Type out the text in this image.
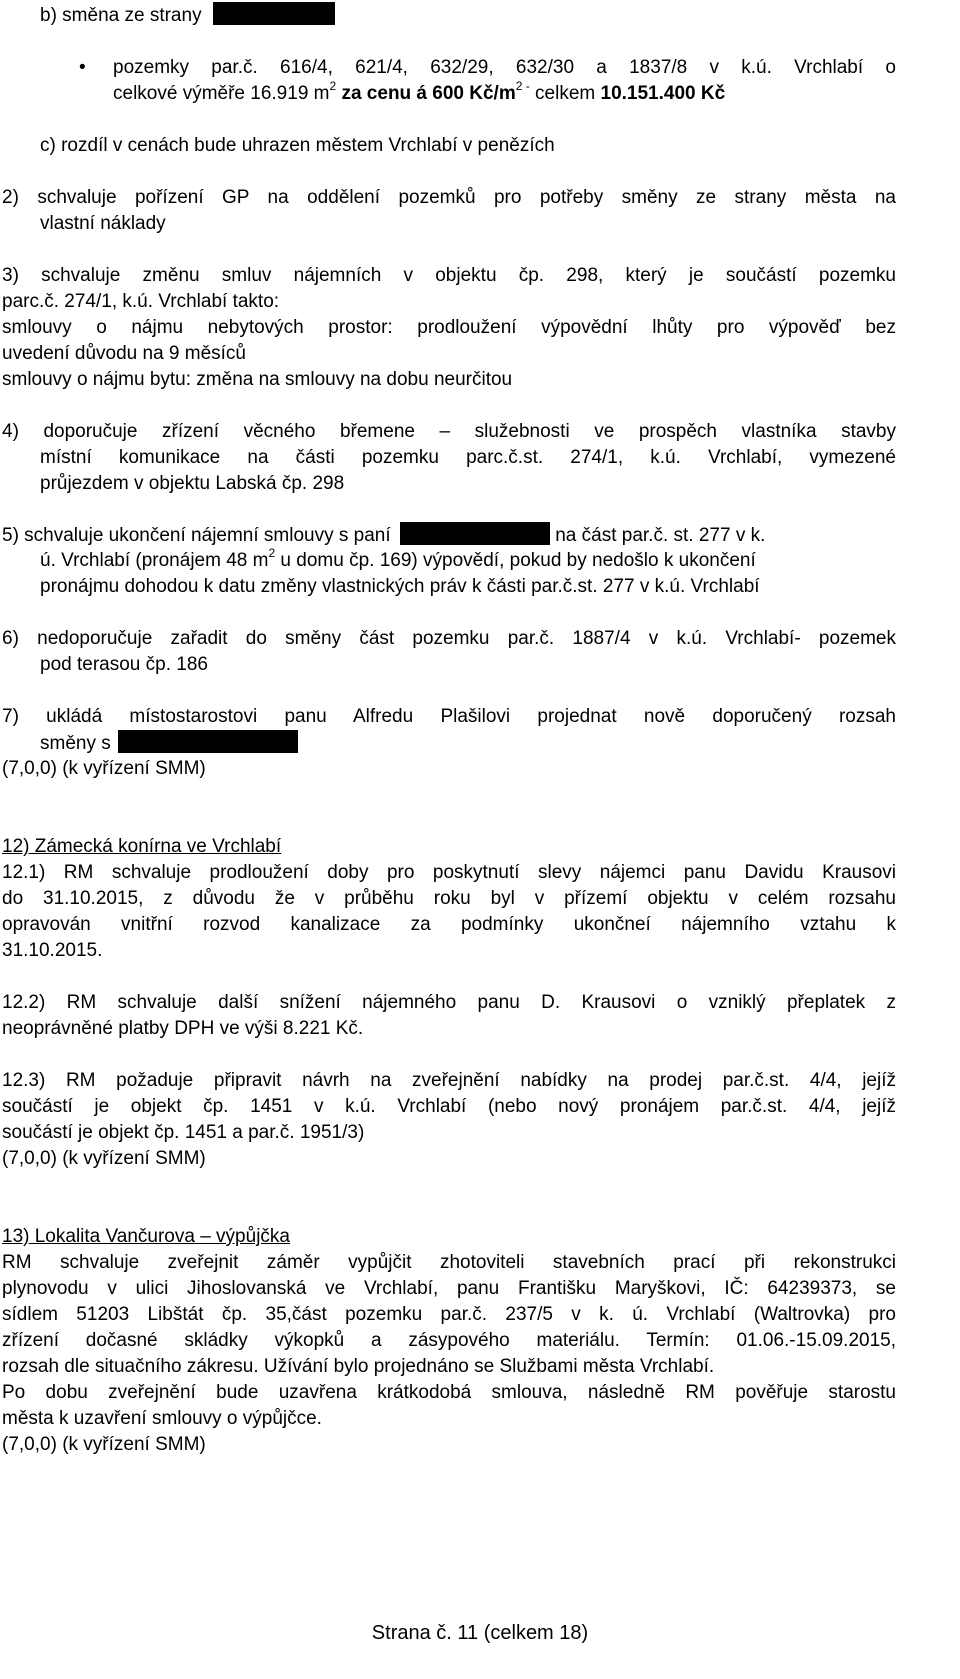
b) směna ze strany
• pozemky par.č. 616/4, 621/4, 632/29, 632/30 a 1837/8 v k.ú. Vrchlabí o
celkové výměře 16.919 $m^2$ za cenu á 600 $Kč/m^{2 -}$ celkem 10.151.400 Kč
c) rozdíl v cenách bude uhrazen městem Vrchlabí v penězích
2) schvaluje pořízení GP na oddělení pozemků pro potřeby směny ze strany města na
vlastní náklady
3) schvaluje změnu smluv nájemních v objektu čp. 298, který je součástí pozemku
parc.č. 274/1, k.ú. Vrchlabí takto:
smlouvy o nájmu nebytových prostor: prodloužení výpovědní lhůty pro výpověď bez
uvedení důvodu na 9 měsíců
smlouvy o nájmu bytu: změna na smlouvy na dobu neurčitou
4) doporučuje zřízení věcného břemene – služebnosti ve prospěch vlastníka stavby
místní komunikace na části pozemku parc.č.st. 274/1, k.ú. Vrchlabí, vymezené
průjezdem v objektu Labská čp. 298
5) schvaluje ukončení nájemní smlouvy s paní	na část par.č. st. 277 v k.
ú. Vrchlabí (pronájem 48 $m^2$ u domu čp. 169) výpovědí, pokud by nedošlo k ukončení
pronájmu dohodou k datu změny vlastnických práv k části par.č.st. 277 v k.ú. Vrchlabí
6) nedoporučuje zařadit do směny část pozemku par.č. 1887/4 v k.ú. Vrchlabí- pozemek
pod terasou čp. 186
7) ukládá místostarostovi panu Alfredu Plašilovi projednat nově doporučený rozsah
směny s
(7,0,0) (k vyřízení SMM)
12) Zámecká konírna ve Vrchlabí
12.1) RM schvaluje prodloužení doby pro poskytnutí slevy nájemci panu Davidu Krausovi
do 31.10.2015, z důvodu že v průběhu roku byl v přízemí objektu v celém rozsahu
opravován vnitřní rozvod kanalizace za podmínky ukončneí nájemního vztahu k
31.10.2015.
12.2) RM schvaluje další snížení nájemného panu D. Krausovi o vzniklý přeplatek z
neoprávněné platby DPH ve výši 8.221 Kč.
12.3) RM požaduje připravit návrh na zveřejnění nabídky na prodej par.č.st. 4/4, jejíž
součástí je objekt čp. 1451 v k.ú. Vrchlabí (nebo nový pronájem par.č.st. 4/4, jejíž
součástí je objekt čp. 1451 a par.č. 1951/3)
(7,0,0) (k vyřízení SMM)
13) Lokalita Vančurova – výpůjčka
RM schvaluje zveřejnit záměr vypůjčit zhotoviteli stavebních prací při rekonstrukci
plynovodu v ulici Jihoslovanská ve Vrchlabí, panu Františku Maryškovi, IČ: 64239373, se
sídlem 51203 Libštát čp. 35,část pozemku par.č. 237/5 v k. ú. Vrchlabí (Waltrovka) pro
zřízení dočasné skládky výkopků a zásypového materiálu. Termín: 01.06.-15.09.2015,
rozsah dle situačního zákresu. Užívání bylo projednáno se Službami města Vrchlabí.
Po dobu zveřejnění bude uzavřena krátkodobá smlouva, následně RM pověřuje starostu
města k uzavření smlouvy o výpůjčce.
(7,0,0) (k vyřízení SMM)
Strana č. 11 (celkem 18)
